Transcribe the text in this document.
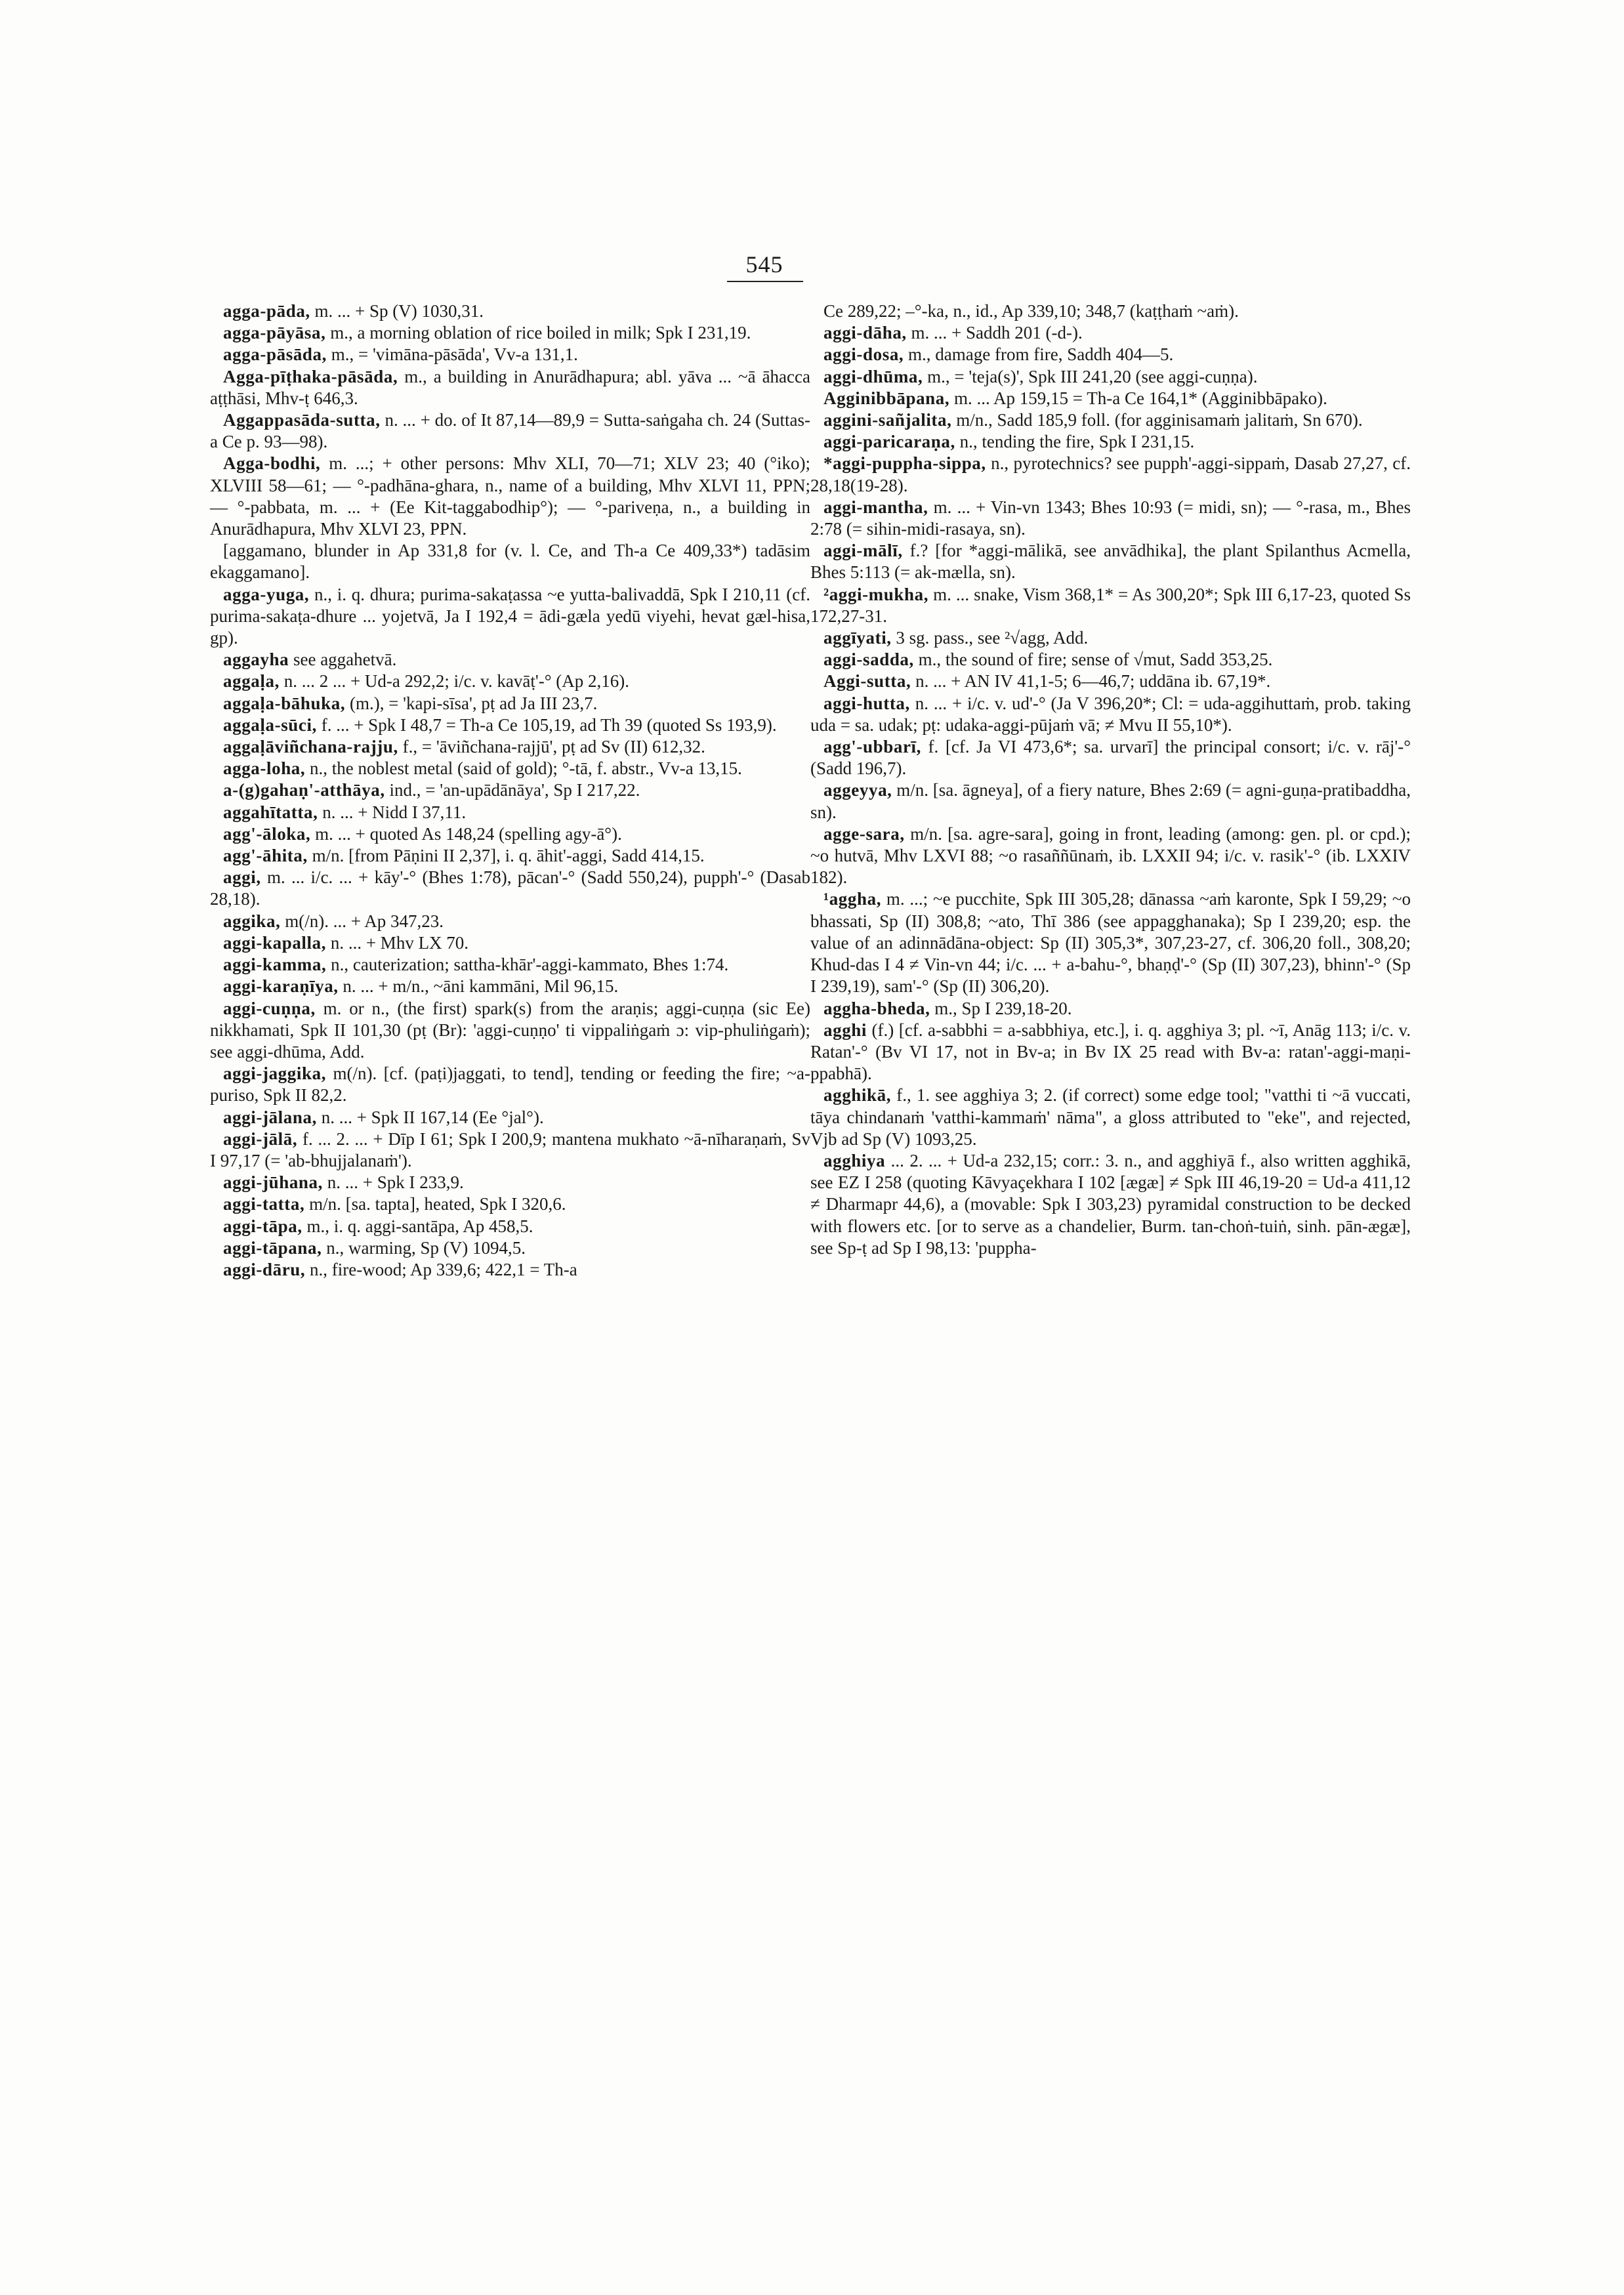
545

agga-pāda, m. ... + Sp (V) 1030,31.

agga-pāyāsa, m., a morning oblation of rice boiled in milk; Spk I 231,19.

agga-pāsāda, m., = 'vimāna-pāsāda', Vv-a 131,1.

Agga-pīṭhaka-pāsāda, m., a building in Anurādhapura; abl. yāva ... ~ā āhacca aṭṭhāsi, Mhv-ṭ 646,3.

Aggappasāda-sutta, n. ... + do. of It 87,14—89,9 = Sutta-saṅgaha ch. 24 (Suttas-a Ce p. 93—98).

Agga-bodhi, m. ...; + other persons: Mhv XLI, 70—71; XLV 23; 40 (°iko); XLVIII 58—61; — °-padhāna-ghara, n., name of a building, Mhv XLVI 11, PPN; — °-pabbata, m. ... + (Ee Kit-taggabodhip°); — °-pariveṇa, n., a building in Anurādhapura, Mhv XLVI 23, PPN.

[aggamano, blunder in Ap 331,8 for (v. l. Ce, and Th-a Ce 409,33*) tadāsim ekaggamano].

agga-yuga, n., i. q. dhura; purima-sakaṭassa ~e yutta-balivaddā, Spk I 210,11 (cf. purima-sakaṭa-dhure ... yojetvā, Ja I 192,4 = ādi-gæla yedū viyehi, hevat gæl-hisa, gp).

aggayha see aggahetvā.

aggaḷa, n. ... 2 ... + Ud-a 292,2; i/c. v. kavāṭ'-° (Ap 2,16).

aggaḷa-bāhuka, (m.), = 'kapi-sīsa', pṭ ad Ja III 23,7.

aggaḷa-sūci, f. ... + Spk I 48,7 = Th-a Ce 105,19, ad Th 39 (quoted Ss 193,9).

aggaḷāviñchana-rajju, f., = 'āviñchana-rajjū', pṭ ad Sv (II) 612,32.

agga-loha, n., the noblest metal (said of gold); °-tā, f. abstr., Vv-a 13,15.

a-(g)gahaṇ'-atthāya, ind., = 'an-upādānāya', Sp I 217,22.

aggahītatta, n. ... + Nidd I 37,11.

agg'-āloka, m. ... + quoted As 148,24 (spelling agy-ā°).

agg'-āhita, m/n. [from Pāṇini II 2,37], i. q. āhit'-aggi, Sadd 414,15.

aggi, m. ... i/c. ... + kāy'-° (Bhes 1:78), pācan'-° (Sadd 550,24), pupph'-° (Dasab 28,18).

aggika, m(/n). ... + Ap 347,23.

aggi-kapalla, n. ... + Mhv LX 70.

aggi-kamma, n., cauterization; sattha-khār'-aggi-kammato, Bhes 1:74.

aggi-karaṇīya, n. ... + m/n., ~āni kammāni, Mil 96,15.

aggi-cuṇṇa, m. or n., (the first) spark(s) from the araṇis; aggi-cuṇṇa (sic Ee) nikkhamati, Spk II 101,30 (pṭ (Br): 'aggi-cuṇṇo' ti vippaliṅgaṁ ɔ: vip-phuliṅgaṁ); see aggi-dhūma, Add.

aggi-jaggika, m(/n). [cf. (paṭi)jaggati, to tend], tending or feeding the fire; ~a-puriso, Spk II 82,2.

aggi-jālana, n. ... + Spk II 167,14 (Ee °jal°).

aggi-jālā, f. ... 2. ... + Dīp I 61; Spk I 200,9; mantena mukhato ~ā-nīharaṇaṁ, Sv I 97,17 (= 'ab-bhujjalanaṁ').

aggi-jūhana, n. ... + Spk I 233,9.

aggi-tatta, m/n. [sa. tapta], heated, Spk I 320,6.

aggi-tāpa, m., i. q. aggi-santāpa, Ap 458,5.

aggi-tāpana, n., warming, Sp (V) 1094,5.

aggi-dāru, n., fire-wood; Ap 339,6; 422,1 = Th-a

Ce 289,22; –°-ka, n., id., Ap 339,10; 348,7 (kaṭṭhaṁ ~aṁ).

aggi-dāha, m. ... + Saddh 201 (-d-).

aggi-dosa, m., damage from fire, Saddh 404—5.

aggi-dhūma, m., = 'teja(s)', Spk III 241,20 (see aggi-cuṇṇa).

Agginibbāpana, m. ... Ap 159,15 = Th-a Ce 164,1* (Agginibbāpako).

aggini-sañjalita, m/n., Sadd 185,9 foll. (for agginisamaṁ jalitaṁ, Sn 670).

aggi-paricaraṇa, n., tending the fire, Spk I 231,15.

*aggi-puppha-sippa, n., pyrotechnics? see pupph'-aggi-sippaṁ, Dasab 27,27, cf. 28,18(19-28).

aggi-mantha, m. ... + Vin-vn 1343; Bhes 10:93 (= midi, sn); — °-rasa, m., Bhes 2:78 (= sihin-midi-rasaya, sn).

aggi-mālī, f.? [for *aggi-mālikā, see anvādhika], the plant Spilanthus Acmella, Bhes 5:113 (= ak-mælla, sn).

²aggi-mukha, m. ... snake, Vism 368,1* = As 300,20*; Spk III 6,17-23, quoted Ss 172,27-31.

aggīyati, 3 sg. pass., see ²√agg, Add.

aggi-sadda, m., the sound of fire; sense of √mut, Sadd 353,25.

Aggi-sutta, n. ... + AN IV 41,1-5; 6—46,7; uddāna ib. 67,19*.

aggi-hutta, n. ... + i/c. v. ud'-° (Ja V 396,20*; Cl: = uda-aggihuttaṁ, prob. taking uda = sa. udak; pṭ: udaka-aggi-pūjaṁ vā; ≠ Mvu II 55,10*).

agg'-ubbarī, f. [cf. Ja VI 473,6*; sa. urvarī] the principal consort; i/c. v. rāj'-° (Sadd 196,7).

aggeyya, m/n. [sa. āgneya], of a fiery nature, Bhes 2:69 (= agni-guṇa-pratibaddha, sn).

agge-sara, m/n. [sa. agre-sara], going in front, leading (among: gen. pl. or cpd.); ~o hutvā, Mhv LXVI 88; ~o rasaññūnaṁ, ib. LXXII 94; i/c. v. rasik'-° (ib. LXXIV 182).

¹aggha, m. ...; ~e pucchite, Spk III 305,28; dānassa ~aṁ karonte, Spk I 59,29; ~o bhassati, Sp (II) 308,8; ~ato, Thī 386 (see appagghanaka); Sp I 239,20; esp. the value of an adinnādāna-object: Sp (II) 305,3*, 307,23-27, cf. 306,20 foll., 308,20; Khud-das I 4 ≠ Vin-vn 44; i/c. ... + a-bahu-°, bhaṇḍ'-° (Sp (II) 307,23), bhinn'-° (Sp I 239,19), sam'-° (Sp (II) 306,20).

aggha-bheda, m., Sp I 239,18-20.

agghi (f.) [cf. a-sabbhi = a-sabbhiya, etc.], i. q. agghiya 3; pl. ~ī, Anāg 113; i/c. v. Ratan'-° (Bv VI 17, not in Bv-a; in Bv IX 25 read with Bv-a: ratan'-aggi-maṇi-ppabhā).

agghikā, f., 1. see agghiya 3; 2. (if correct) some edge tool; "vatthi ti ~ā vuccati, tāya chindanaṁ 'vatthi-kammaṁ' nāma", a gloss attributed to "eke", and rejected, Vjb ad Sp (V) 1093,25.

agghiya ... 2. ... + Ud-a 232,15; corr.: 3. n., and agghiyā f., also written agghikā, see EZ I 258 (quoting Kāvyaçekhara I 102 [ægæ] ≠ Spk III 46,19-20 = Ud-a 411,12 ≠ Dharmapr 44,6), a (movable: Spk I 303,23) pyramidal construction to be decked with flowers etc. [or to serve as a chandelier, Burm. tan-choṅ-tuiṅ, sinh. pān-ægæ], see Sp-ṭ ad Sp I 98,13: 'puppha-
